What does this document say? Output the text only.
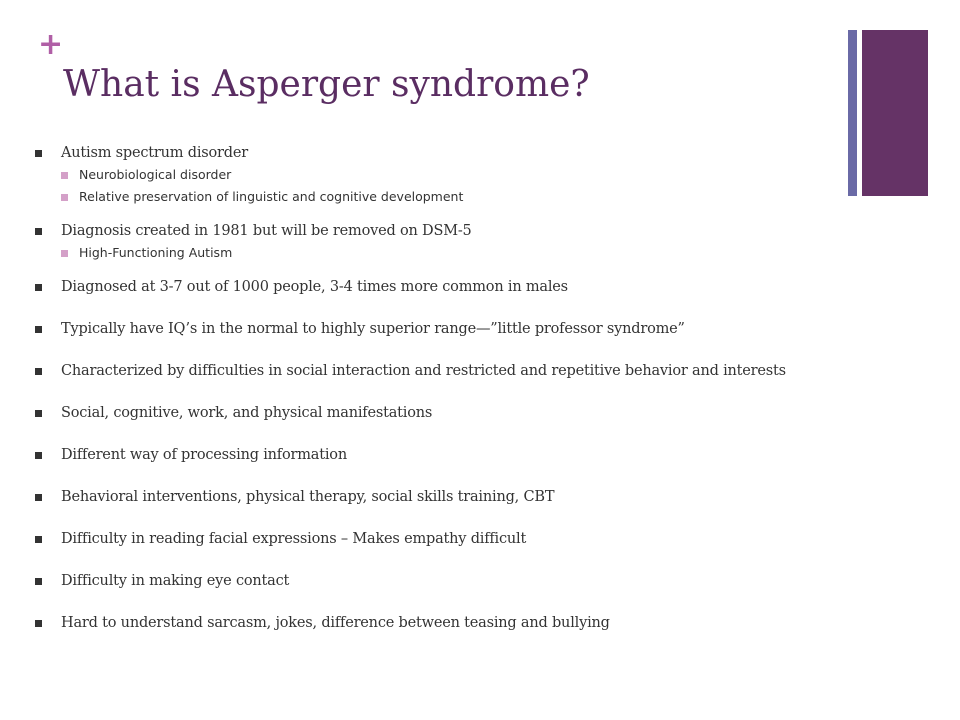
+
What is Asperger syndrome?
Autism spectrum disorder
Neurobiological disorder
Relative preservation of linguistic and cognitive development
Diagnosis created in 1981 but will be removed on DSM-5
High-Functioning Autism
Diagnosed at 3-7 out of 1000 people, 3-4 times more common in males
Typically have IQ’s in the normal to highly superior range—”little professor syndrome”
Characterized by difficulties in social interaction and restricted and repetitive behavior and interests
Social, cognitive, work, and physical manifestations
Different way of processing information
Behavioral interventions, physical therapy, social skills training, CBT
Difficulty in reading facial expressions – Makes empathy difficult
Difficulty in making eye contact
Hard to understand sarcasm, jokes, difference between teasing and bullying
